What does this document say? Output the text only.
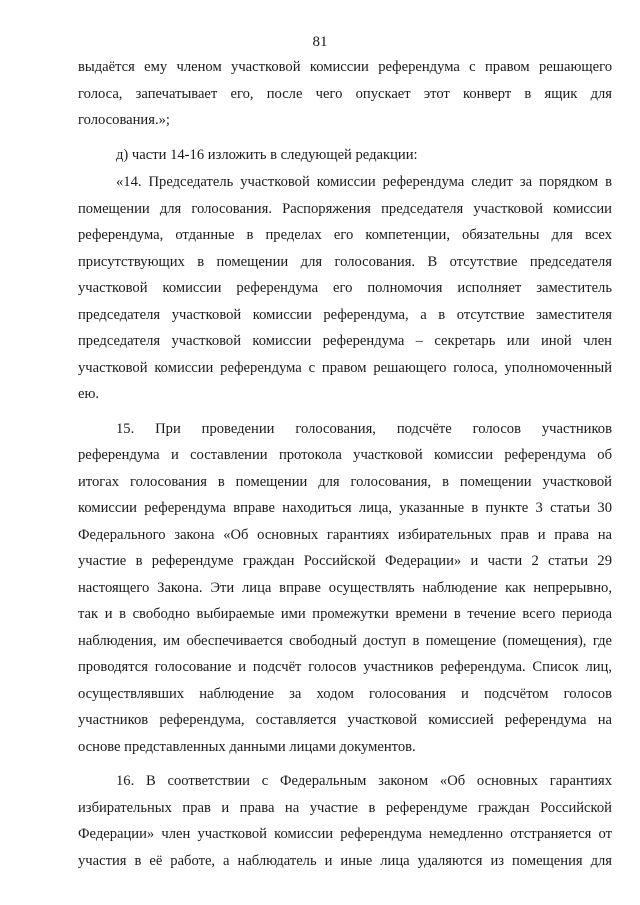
81
выдаётся ему членом участковой комиссии референдума с правом решающего
голоса, запечатывает его, после чего опускает этот конверт в ящик для
голосования.»;
д) части 14-16 изложить в следующей редакции:
«14. Председатель участковой комиссии референдума следит за порядком в
помещении для голосования. Распоряжения председателя участковой комиссии
референдума, отданные в пределах его компетенции, обязательны для всех
присутствующих в помещении для голосования. В отсутствие председателя
участковой комиссии референдума его полномочия исполняет заместитель
председателя участковой комиссии референдума, а в отсутствие заместителя
председателя участковой комиссии референдума – секретарь или иной член
участковой комиссии референдума с правом решающего голоса, уполномоченный
ею.
15. При проведении голосования, подсчёте голосов участников
референдума и составлении протокола участковой комиссии референдума об
итогах голосования в помещении для голосования, в помещении участковой
комиссии референдума вправе находиться лица, указанные в пункте 3 статьи 30
Федерального закона «Об основных гарантиях избирательных прав и права на
участие в референдуме граждан Российской Федерации» и части 2 статьи 29
настоящего Закона. Эти лица вправе осуществлять наблюдение как непрерывно,
так и в свободно выбираемые ими промежутки времени в течение всего периода
наблюдения, им обеспечивается свободный доступ в помещение (помещения), где
проводятся голосование и подсчёт голосов участников референдума. Список лиц,
осуществлявших наблюдение за ходом голосования и подсчётом голосов
участников референдума, составляется участковой комиссией референдума на
основе представленных данными лицами документов.
16. В соответствии с Федеральным законом «Об основных гарантиях
избирательных прав и права на участие в референдуме граждан Российской
Федерации» член участковой комиссии референдума немедленно отстраняется от
участия в её работе, а наблюдатель и иные лица удаляются из помещения для
